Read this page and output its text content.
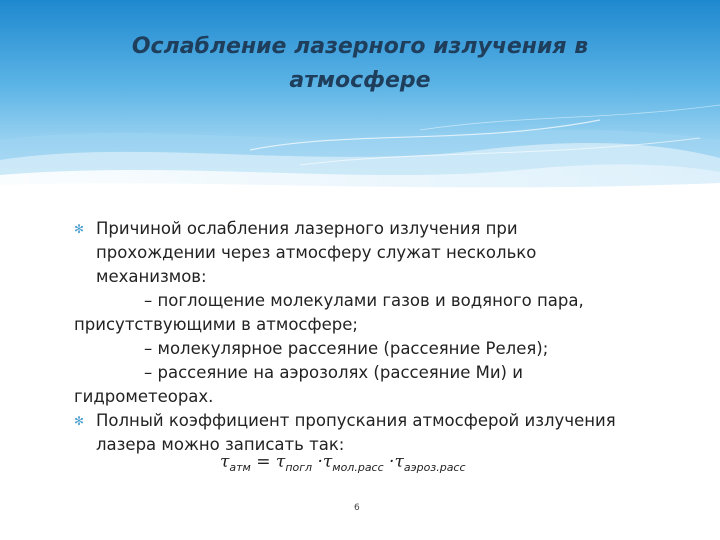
Ослабление лазерного излучения в
атмосфере
✻ Причиной ослабления лазерного излучения при
прохождении через атмосферу служат несколько
механизмов:
– поглощение молекулами газов и водяного пара,
присутствующими в атмосфере;
– молекулярное рассеяние (рассеяние Релея);
– рассеяние на аэрозолях (рассеяние Ми) и
гидрометеорах.
✻ Полный коэффициент пропускания атмосферой излучения
лазера можно записать так:
$\tau_{атм} = \tau_{погл} \cdot\tau_{мол.расс} \cdot\tau_{аэроз.расс}$
6
